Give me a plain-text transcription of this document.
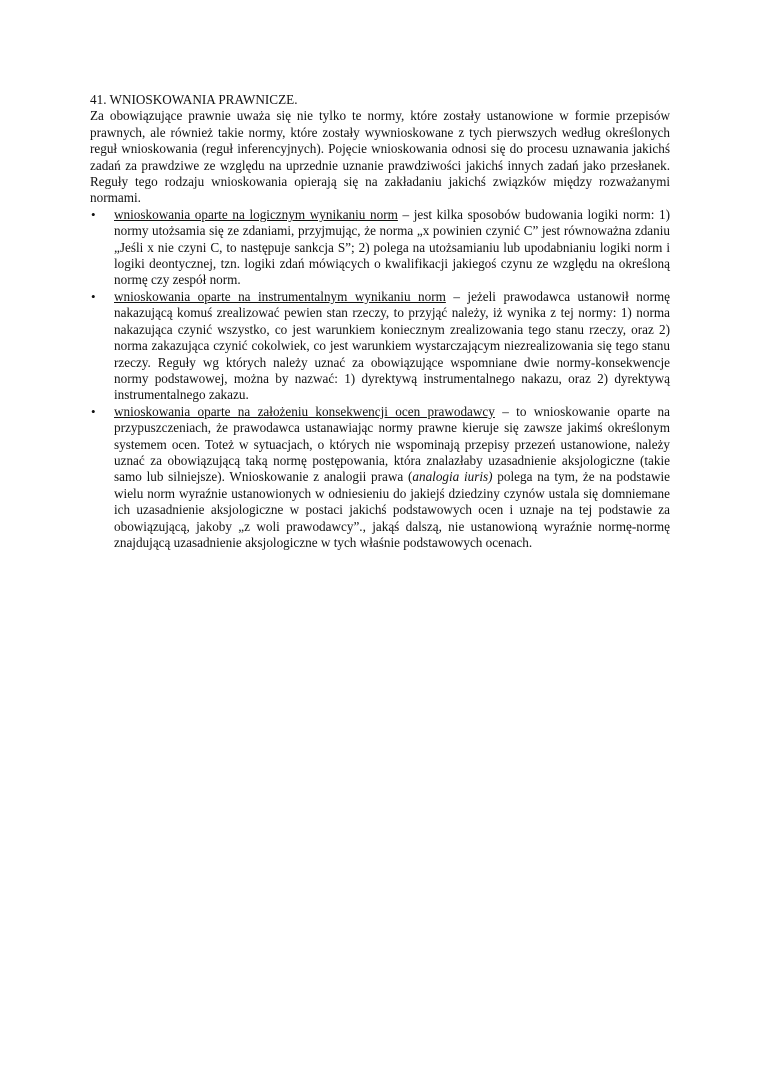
41. WNIOSKOWANIA PRAWNICZE.

Za obowiązujące prawnie uważa się nie tylko te normy, które zostały ustanowione w formie przepisów prawnych, ale również takie normy, które zostały wywnioskowane z tych pierwszych według określonych reguł wnioskowania (reguł inferencyjnych). Pojęcie wnioskowania odnosi się do procesu uznawania jakichś zadań za prawdziwe ze względu na uprzednie uznanie prawdziwości jakichś innych zadań jako przesłanek. Reguły tego rodzaju wnioskowania opierają się na zakładaniu jakichś związków między rozważanymi normami.

• wnioskowania oparte na logicznym wynikaniu norm – jest kilka sposobów budowania logiki norm: 1) normy utożsamia się ze zdaniami, przyjmując, że norma „x powinien czynić C” jest równoważna zdaniu „Jeśli x nie czyni C, to następuje sankcja S”; 2) polega na utożsamianiu lub upodabnianiu logiki norm i logiki deontycznej, tzn. logiki zdań mówiących o kwalifikacji jakiegoś czynu ze względu na określoną normę czy zespół norm.
• wnioskowania oparte na instrumentalnym wynikaniu norm – jeżeli prawodawca ustanowił normę nakazującą komuś zrealizować pewien stan rzeczy, to przyjąć należy, iż wynika z tej normy: 1) norma nakazująca czynić wszystko, co jest warunkiem koniecznym zrealizowania tego stanu rzeczy, oraz 2) norma zakazująca czynić cokolwiek, co jest warunkiem wystarczającym niezrealizowania się tego stanu rzeczy. Reguły wg których należy uznać za obowiązujące wspomniane dwie normy-konsekwencje normy podstawowej, można by nazwać: 1) dyrektywą instrumentalnego nakazu, oraz 2) dyrektywą instrumentalnego zakazu.
• wnioskowania oparte na założeniu konsekwencji ocen prawodawcy – to wnioskowanie oparte na przypuszczeniach, że prawodawca ustanawiając normy prawne kieruje się zawsze jakimś określonym systemem ocen. Toteż w sytuacjach, o których nie wspominają przepisy przezeń ustanowione, należy uznać za obowiązującą taką normę postępowania, która znalazłaby uzasadnienie aksjologiczne (takie samo lub silniejsze). Wnioskowanie z analogii prawa (analogia iuris) polega na tym, że na podstawie wielu norm wyraźnie ustanowionych w odniesieniu do jakiejś dziedziny czynów ustala się domniemane ich uzasadnienie aksjologiczne w postaci jakichś podstawowych ocen i uznaje na tej podstawie za obowiązującą, jakoby „z woli prawodawcy”., jakąś dalszą, nie ustanowioną wyraźnie normę-normę znajdującą uzasadnienie aksjologiczne w tych właśnie podstawowych ocenach.
